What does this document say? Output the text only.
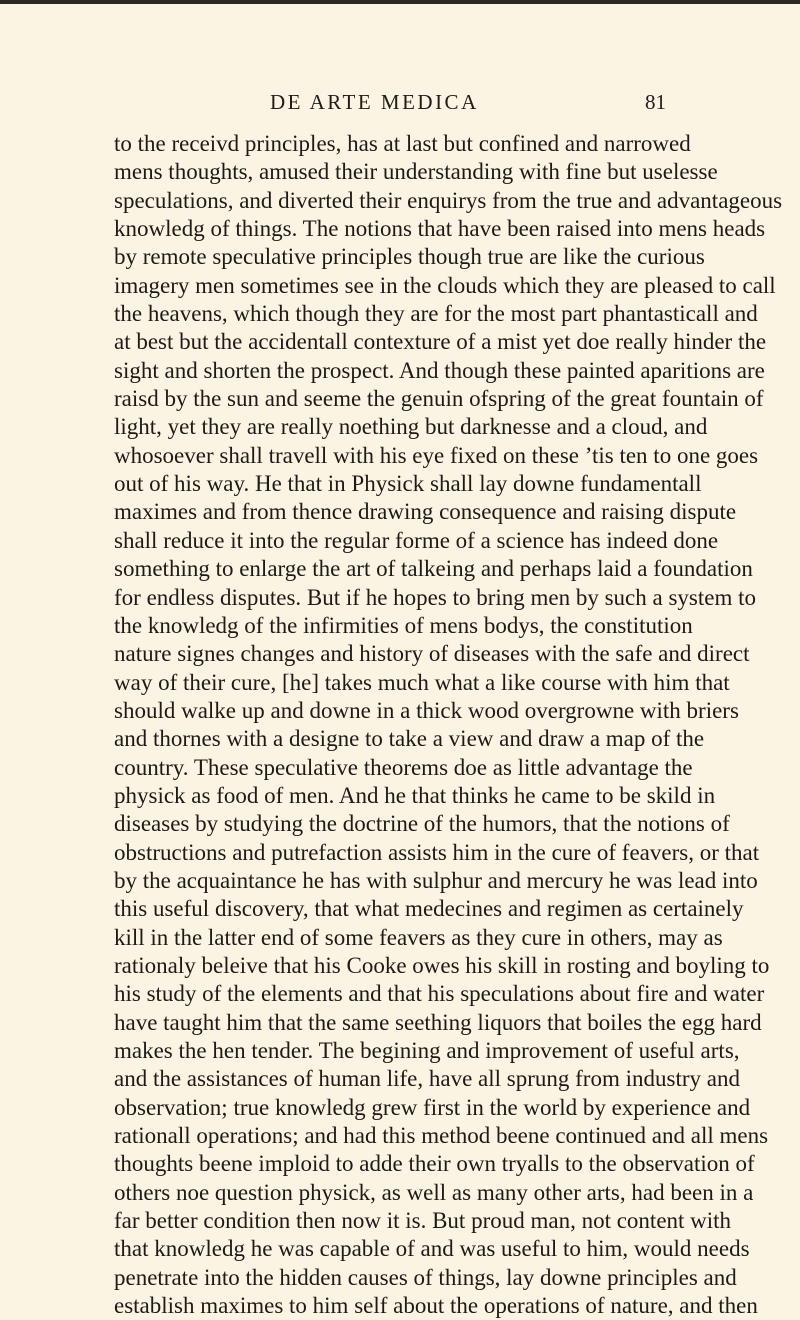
DE ARTE MEDICA	81
to the receivd principles, has at last but confined and narrowed
mens thoughts, amused their understanding with fine but uselesse
speculations, and diverted their enquirys from the true and advantageous
knowledg of things. The notions that have been raised into mens heads
by remote speculative principles though true are like the curious
imagery men sometimes see in the clouds which they are pleased to call
the heavens, which though they are for the most part phantasticall and
at best but the accidentall contexture of a mist yet doe really hinder the
sight and shorten the prospect. And though these painted aparitions are
raisd by the sun and seeme the genuin ofspring of the great fountain of
light, yet they are really noething but darknesse and a cloud, and
whosoever shall travell with his eye fixed on these ’tis ten to one goes
out of his way. He that in Physick shall lay downe fundamentall
maximes and from thence drawing consequence and raising dispute
shall reduce it into the regular forme of a science has indeed done
something to enlarge the art of talkeing and perhaps laid a foundation
for endless disputes. But if he hopes to bring men by such a system to
the knowledg of the infirmities of mens bodys, the constitution
nature signes changes and history of diseases with the safe and direct
way of their cure, [he] takes much what a like course with him that
should walke up and downe in a thick wood overgrowne with briers
and thornes with a designe to take a view and draw a map of the
country. These speculative theorems doe as little advantage the
physick as food of men. And he that thinks he came to be skild in
diseases by studying the doctrine of the humors, that the notions of
obstructions and putrefaction assists him in the cure of feavers, or that
by the acquaintance he has with sulphur and mercury he was lead into
this useful discovery, that what medecines and regimen as certainely
kill in the latter end of some feavers as they cure in others, may as
rationaly beleive that his Cooke owes his skill in rosting and boyling to
his study of the elements and that his speculations about fire and water
have taught him that the same seething liquors that boiles the egg hard
makes the hen tender. The begining and improvement of useful arts,
and the assistances of human life, have all sprung from industry and
observation; true knowledg grew first in the world by experience and
rationall operations; and had this method beene continued and all mens
thoughts beene imploid to adde their own tryalls to the observation of
others noe question physick, as well as many other arts, had been in a
far better condition then now it is. But proud man, not content with
that knowledg he was capable of and was useful to him, would needs
penetrate into the hidden causes of things, lay downe principles and
establish maximes to him self about the operations of nature, and then
